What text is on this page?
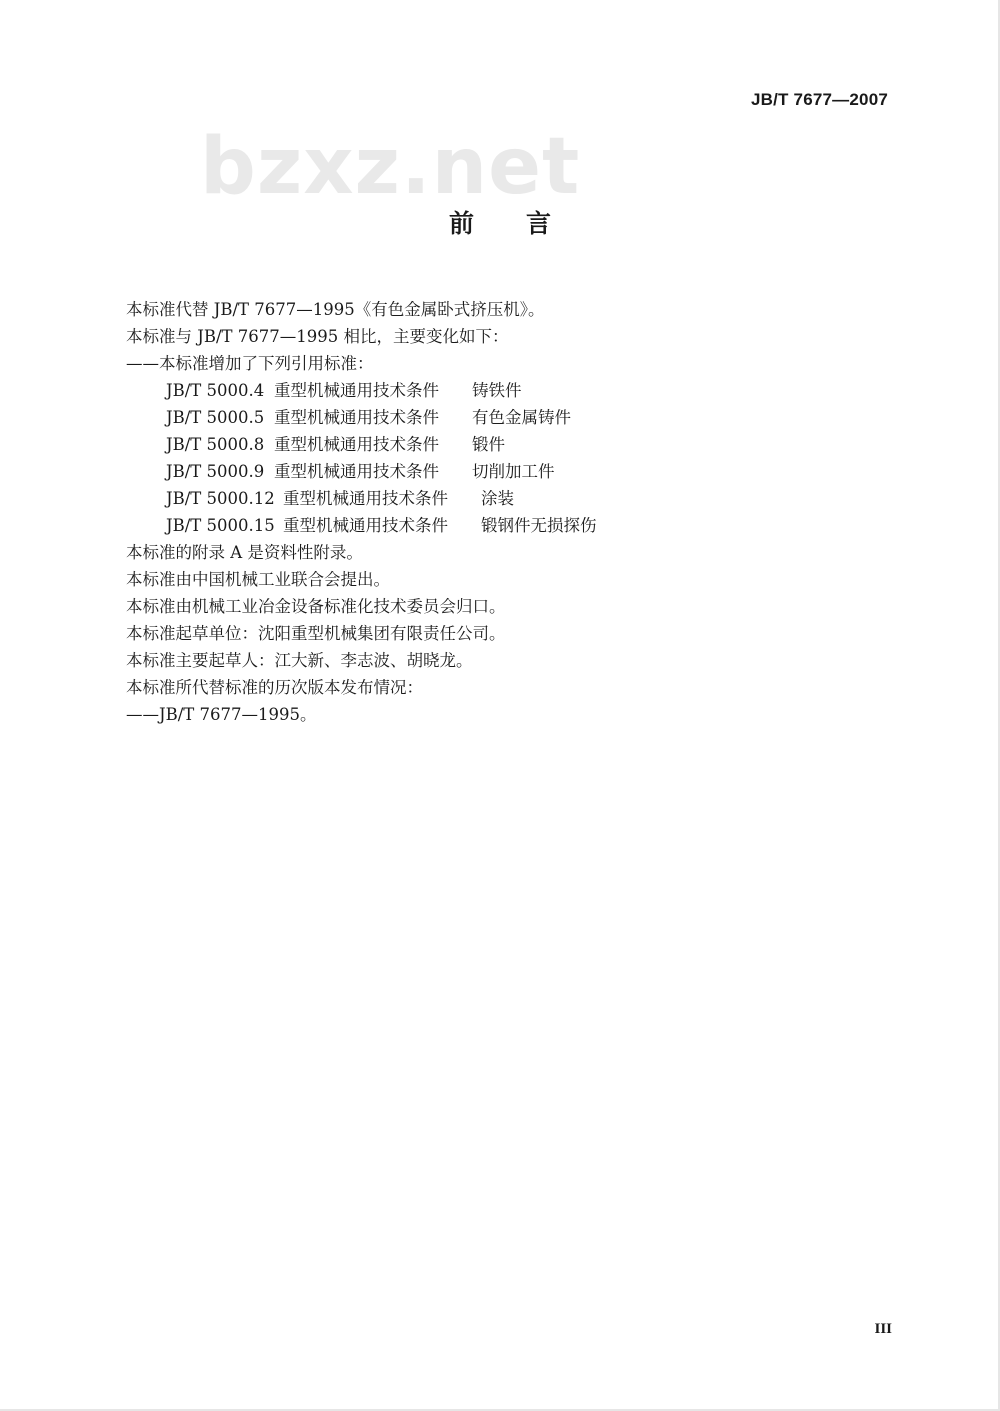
JB/T 7677—2007
bzxz.net
前言
本标准代替 JB/T 7677—1995《有色金属卧式挤压机》。
本标准与 JB/T 7677—1995 相比，主要变化如下：
——本标准增加了下列引用标准：
JB/T 5000.4 重型机械通用技术条件	铸铁件
JB/T 5000.5 重型机械通用技术条件	有色金属铸件
JB/T 5000.8 重型机械通用技术条件	锻件
JB/T 5000.9 重型机械通用技术条件	切削加工件
JB/T 5000.12 重型机械通用技术条件	涂装
JB/T 5000.15 重型机械通用技术条件	锻钢件无损探伤
本标准的附录 A 是资料性附录。
本标准由中国机械工业联合会提出。
本标准由机械工业冶金设备标准化技术委员会归口。
本标准起草单位：沈阳重型机械集团有限责任公司。
本标准主要起草人：江大新、李志波、胡晓龙。
本标准所代替标准的历次版本发布情况：
——JB/T 7677—1995。
III
